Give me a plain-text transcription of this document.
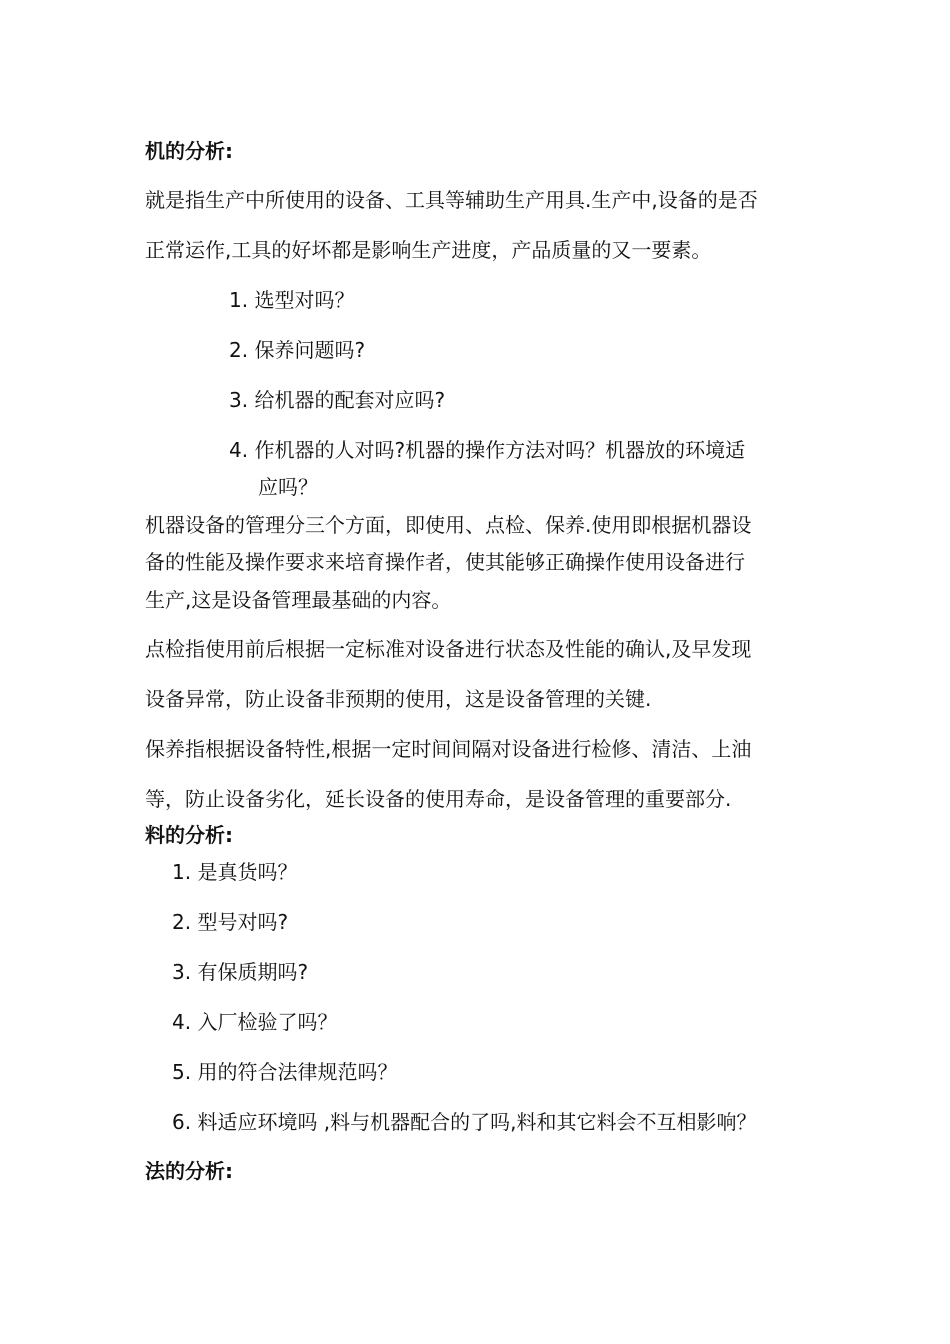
机的分析:
就是指生产中所使用的设备、工具等辅助生产用具.生产中,设备的是否
正常运作,工具的好坏都是影响生产进度，产品质量的又一要素。
1. 选型对吗？
2. 保养问题吗?
3. 给机器的配套对应吗?
4. 作机器的人对吗?机器的操作方法对吗？机器放的环境适
应吗？
机器设备的管理分三个方面，即使用、点检、保养.使用即根据机器设
备的性能及操作要求来培育操作者，使其能够正确操作使用设备进行
生产,这是设备管理最基础的内容。
点检指使用前后根据一定标准对设备进行状态及性能的确认,及早发现
设备异常，防止设备非预期的使用，这是设备管理的关键.
保养指根据设备特性,根据一定时间间隔对设备进行检修、清洁、上油
等，防止设备劣化，延长设备的使用寿命，是设备管理的重要部分.
料的分析:
1. 是真货吗？
2. 型号对吗?
3. 有保质期吗?
4. 入厂检验了吗？
5. 用的符合法律规范吗？
6. 料适应环境吗 ,料与机器配合的了吗,料和其它料会不互相影响？
法的分析:
